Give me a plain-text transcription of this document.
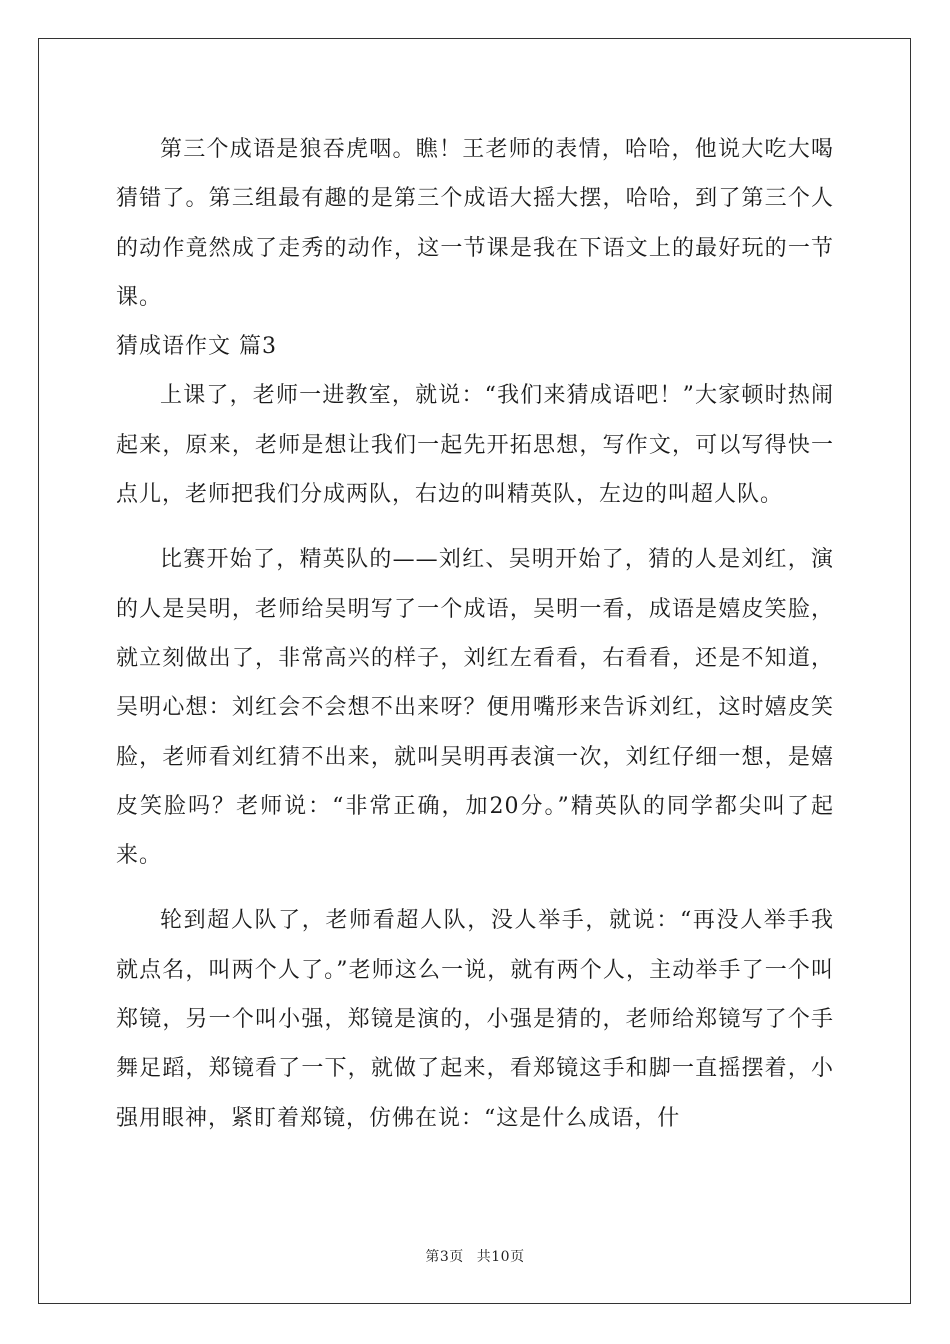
第三个成语是狼吞虎咽。瞧！王老师的表情，哈哈，他说大吃大喝猜错了。第三组最有趣的是第三个成语大摇大摆，哈哈，到了第三个人的动作竟然成了走秀的动作，这一节课是我在下语文上的最好玩的一节课。

猜成语作文 篇3

上课了，老师一进教室，就说：“我们来猜成语吧！”大家顿时热闹起来，原来，老师是想让我们一起先开拓思想，写作文，可以写得快一点儿，老师把我们分成两队，右边的叫精英队，左边的叫超人队。

比赛开始了，精英队的——刘红、吴明开始了，猜的人是刘红，演的人是吴明，老师给吴明写了一个成语，吴明一看，成语是嬉皮笑脸，就立刻做出了，非常高兴的样子，刘红左看看，右看看，还是不知道，吴明心想：刘红会不会想不出来呀？便用嘴形来告诉刘红，这时嬉皮笑脸，老师看刘红猜不出来，就叫吴明再表演一次，刘红仔细一想，是嬉皮笑脸吗？老师说：“非常正确，加20分。”精英队的同学都尖叫了起来。

轮到超人队了，老师看超人队，没人举手，就说：“再没人举手我就点名，叫两个人了。”老师这么一说，就有两个人，主动举手了一个叫郑镜，另一个叫小强，郑镜是演的，小强是猜的，老师给郑镜写了个手舞足蹈，郑镜看了一下，就做了起来，看郑镜这手和脚一直摇摆着，小强用眼神，紧盯着郑镜，仿佛在说：“这是什么成语，什

第3页 共10页
